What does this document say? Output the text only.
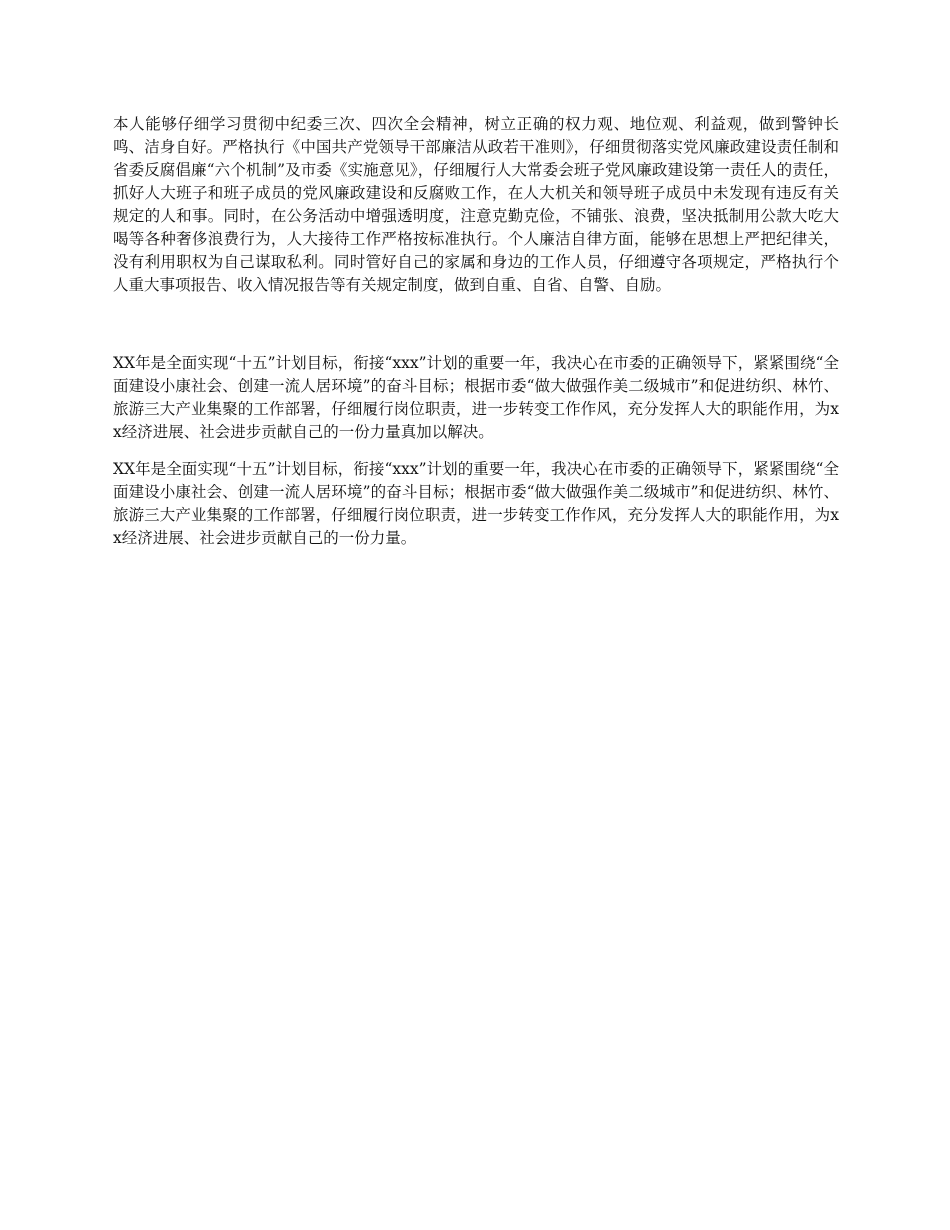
本人能够仔细学习贯彻中纪委三次、四次全会精神，树立正确的权力观、地位观、利益观，做到警钟长鸣、洁身自好。严格执行《中国共产党领导干部廉洁从政若干准则》，仔细贯彻落实党风廉政建设责任制和省委反腐倡廉“六个机制”及市委《实施意见》，仔细履行人大常委会班子党风廉政建设第一责任人的责任，抓好人大班子和班子成员的党风廉政建设和反腐败工作，在人大机关和领导班子成员中未发现有违反有关规定的人和事。同时，在公务活动中增强透明度，注意克勤克俭，不铺张、浪费，坚决抵制用公款大吃大喝等各种奢侈浪费行为，人大接待工作严格按标准执行。个人廉洁自律方面，能够在思想上严把纪律关，没有利用职权为自己谋取私利。同时管好自己的家属和身边的工作人员，仔细遵守各项规定，严格执行个人重大事项报告、收入情况报告等有关规定制度，做到自重、自省、自警、自励。

XX年是全面实现“十五”计划目标，衔接“xxx”计划的重要一年，我决心在市委的正确领导下，紧紧围绕“全面建设小康社会、创建一流人居环境”的奋斗目标；根据市委“做大做强作美二级城市”和促进纺织、林竹、旅游三大产业集聚的工作部署，仔细履行岗位职责，进一步转变工作作风，充分发挥人大的职能作用，为xx经济进展、社会进步贡献自己的一份力量真加以解决。

XX年是全面实现“十五”计划目标，衔接“xxx”计划的重要一年，我决心在市委的正确领导下，紧紧围绕“全面建设小康社会、创建一流人居环境”的奋斗目标；根据市委“做大做强作美二级城市”和促进纺织、林竹、旅游三大产业集聚的工作部署，仔细履行岗位职责，进一步转变工作作风，充分发挥人大的职能作用，为xx经济进展、社会进步贡献自己的一份力量。
